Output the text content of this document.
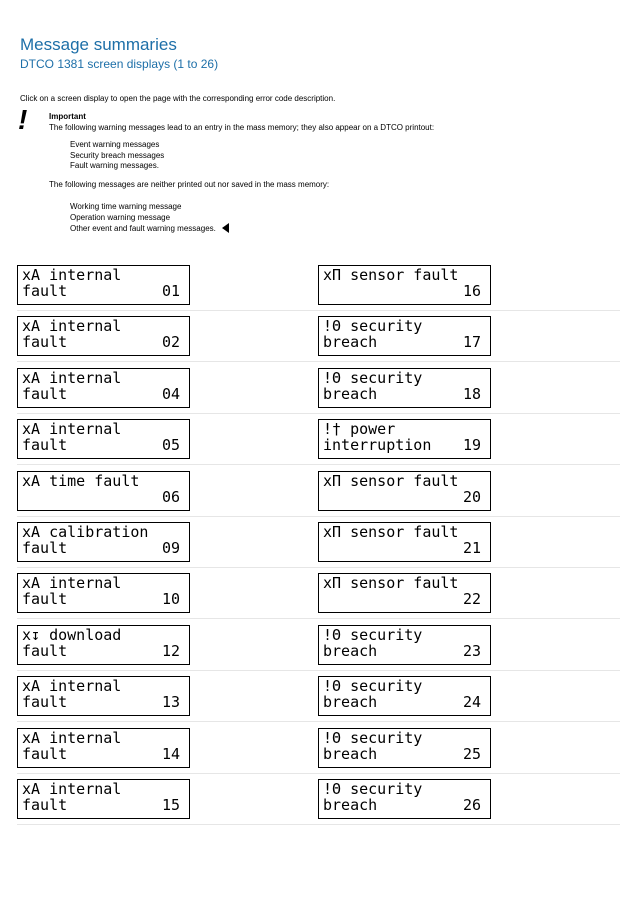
Message summaries
DTCO 1381 screen displays (1 to 26)
Click on a screen display to open the page with the corresponding error code description.
!	Important
The following warning messages lead to an entry in the mass memory; they also appear on a DTCO printout:
Event warning messages
Security breach messages
Fault warning messages.
The following messages are neither printed out nor saved in the mass memory:
Working time warning message
Operation warning message
Other event and fault warning messages.
xA internal
fault	01
xA internal
fault	02
xA internal
fault	04
xA internal
fault	05
xA time fault
06
xA calibration
fault	09
xA internal
fault	10
x↧ download
fault	12
xA internal
fault	13
xA internal
fault	14
xA internal
fault	15
xΠ sensor fault
16
!Θ security
breach	17
!Θ security
breach	18
!† power
interruption 19
xΠ sensor fault
20
xΠ sensor fault
21
xΠ sensor fault
22
!Θ security
breach	23
!Θ security
breach	24
!Θ security
breach	25
!Θ security
breach	26
